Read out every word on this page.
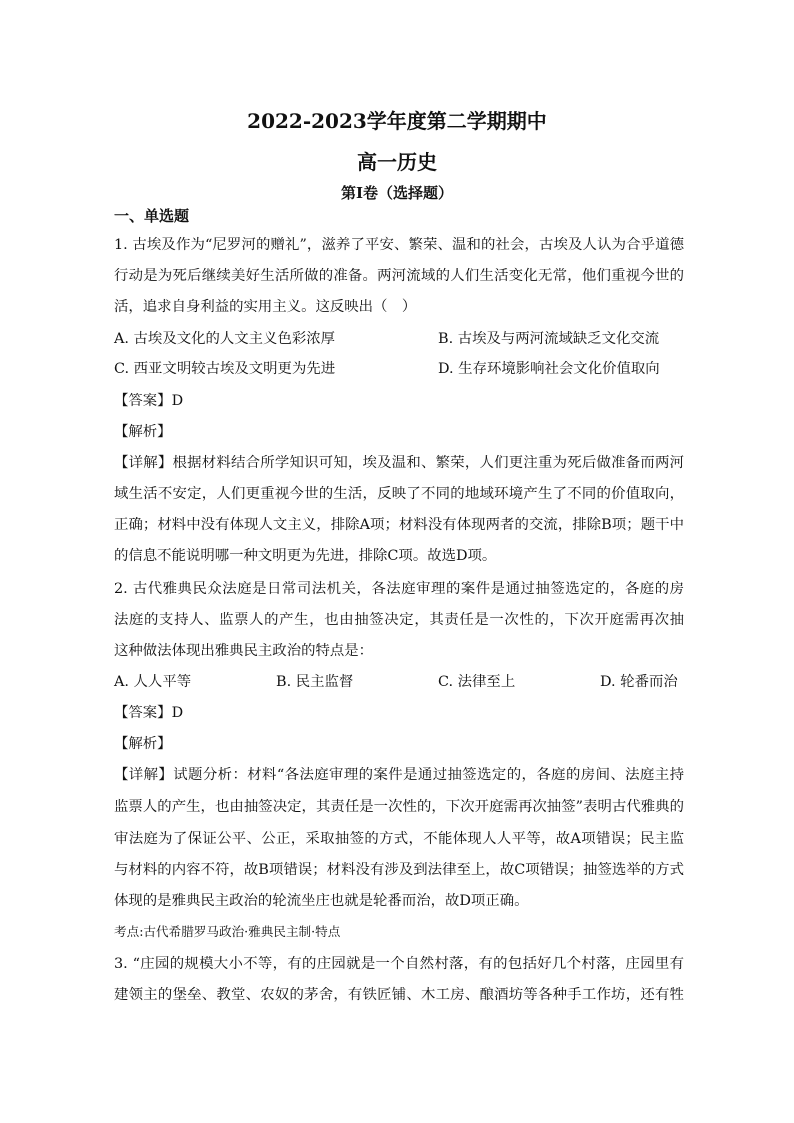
2022-2023学年度第二学期期中
高一历史
第Ⅰ卷（选择题）
一、单选题
1. 古埃及作为“尼罗河的赠礼”，滋养了平安、繁荣、温和的社会，古埃及人认为合乎道德
行动是为死后继续美好生活所做的准备。两河流域的人们生活变化无常，他们重视今世的
活，追求自身利益的实用主义。这反映出（　）
A. 古埃及文化的人文主义色彩浓厚	B. 古埃及与两河流域缺乏文化交流
C. 西亚文明较古埃及文明更为先进	D. 生存环境影响社会文化价值取向
【答案】D
【解析】
【详解】根据材料结合所学知识可知，埃及温和、繁荣，人们更注重为死后做准备而两河
域生活不安定，人们更重视今世的生活，反映了不同的地域环境产生了不同的价值取向，
正确；材料中没有体现人文主义，排除A项；材料没有体现两者的交流，排除B项；题干中
的信息不能说明哪一种文明更为先进，排除C项。故选D项。
2. 古代雅典民众法庭是日常司法机关，各法庭审理的案件是通过抽签选定的，各庭的房
法庭的支持人、监票人的产生，也由抽签决定，其责任是一次性的，下次开庭需再次抽
这种做法体现出雅典民主政治的特点是：
A. 人人平等	B. 民主监督	C. 法律至上	D. 轮番而治
【答案】D
【解析】
【详解】试题分析：材料“各法庭审理的案件是通过抽签选定的，各庭的房间、法庭主持
监票人的产生，也由抽签决定，其责任是一次性的，下次开庭需再次抽签”表明古代雅典的
审法庭为了保证公平、公正，采取抽签的方式，不能体现人人平等，故A项错误；民主监
与材料的内容不符，故B项错误；材料没有涉及到法律至上，故C项错误；抽签选举的方式
体现的是雅典民主政治的轮流坐庄也就是轮番而治，故D项正确。
考点:古代希腊罗马政治·雅典民主制·特点
3. “庄园的规模大小不等，有的庄园就是一个自然村落，有的包括好几个村落，庄园里有
建领主的堡垒、教堂、农奴的茅舍，有铁匠铺、木工房、酿酒坊等各种手工作坊，还有牲
